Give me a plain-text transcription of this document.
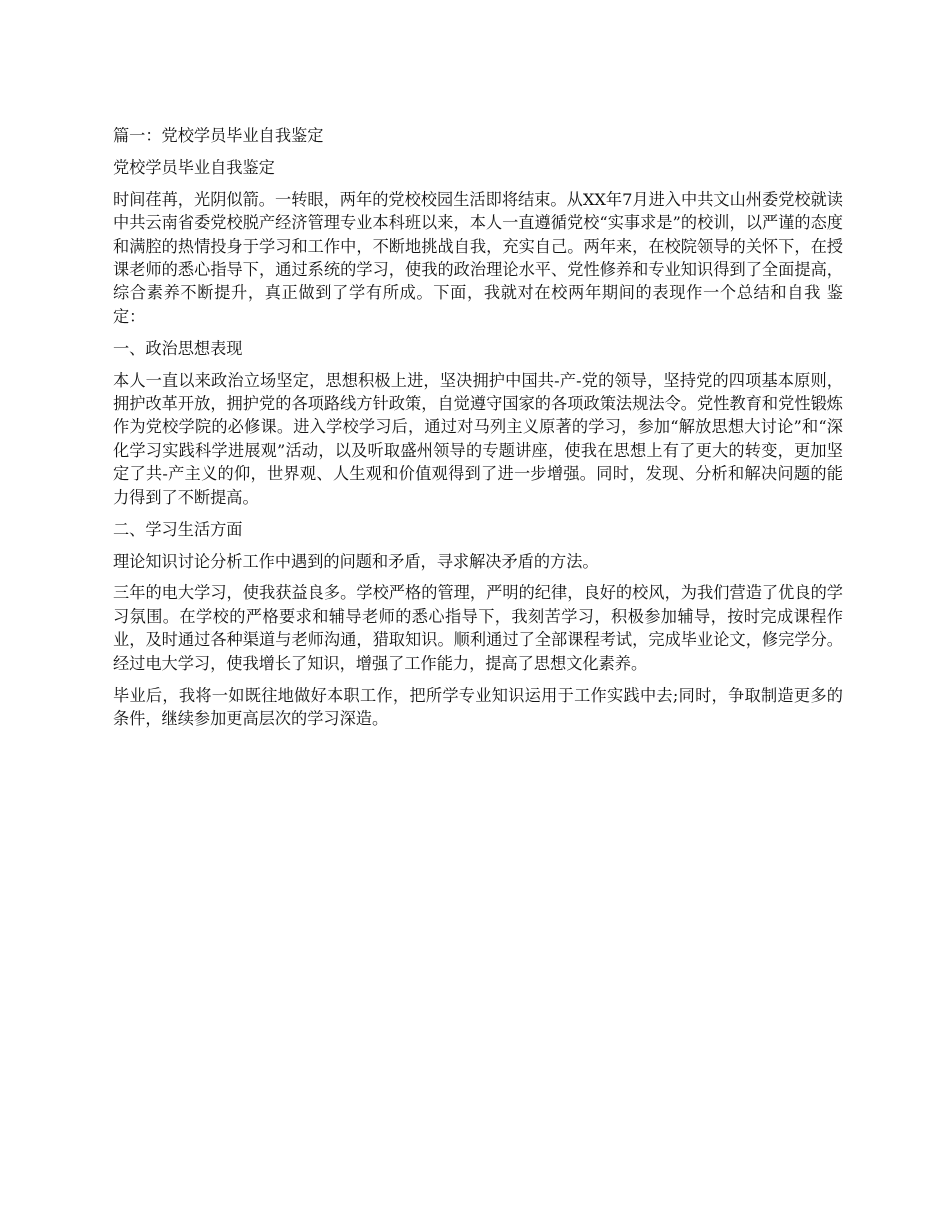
篇一：党校学员毕业自我鉴定

党校学员毕业自我鉴定

时间荏苒，光阴似箭。一转眼，两年的党校校园生活即将结束。从XX年7月进入中共文山州委党校就读中共云南省委党校脱产经济管理专业本科班以来，本人一直遵循党校“实事求是”的校训，以严谨的态度和满腔的热情投身于学习和工作中，不断地挑战自我，充实自己。两年来，在校院领导的关怀下，在授课老师的悉心指导下，通过系统的学习，使我的政治理论水平、党性修养和专业知识得到了全面提高，综合素养不断提升，真正做到了学有所成。下面，我就对在校两年期间的表现作一个总结和自我 鉴定：

一、政治思想表现

本人一直以来政治立场坚定，思想积极上进，坚决拥护中国共-产-党的领导，坚持党的四项基本原则，拥护改革开放，拥护党的各项路线方针政策，自觉遵守国家的各项政策法规法令。党性教育和党性锻炼作为党校学院的必修课。进入学校学习后，通过对马列主义原著的学习，参加“解放思想大讨论”和“深化学习实践科学进展观”活动，以及听取盛州领导的专题讲座，使我在思想上有了更大的转变，更加坚定了共-产主义的仰，世界观、人生观和价值观得到了进一步增强。同时，发现、分析和解决问题的能力得到了不断提高。

二、学习生活方面

理论知识讨论分析工作中遇到的问题和矛盾，寻求解决矛盾的方法。

三年的电大学习，使我获益良多。学校严格的管理，严明的纪律，良好的校风，为我们营造了优良的学习氛围。在学校的严格要求和辅导老师的悉心指导下，我刻苦学习，积极参加辅导，按时完成课程作业，及时通过各种渠道与老师沟通，猎取知识。顺利通过了全部课程考试，完成毕业论文，修完学分。经过电大学习，使我增长了知识，增强了工作能力，提高了思想文化素养。

毕业后，我将一如既往地做好本职工作，把所学专业知识运用于工作实践中去;同时，争取制造更多的条件，继续参加更高层次的学习深造。
